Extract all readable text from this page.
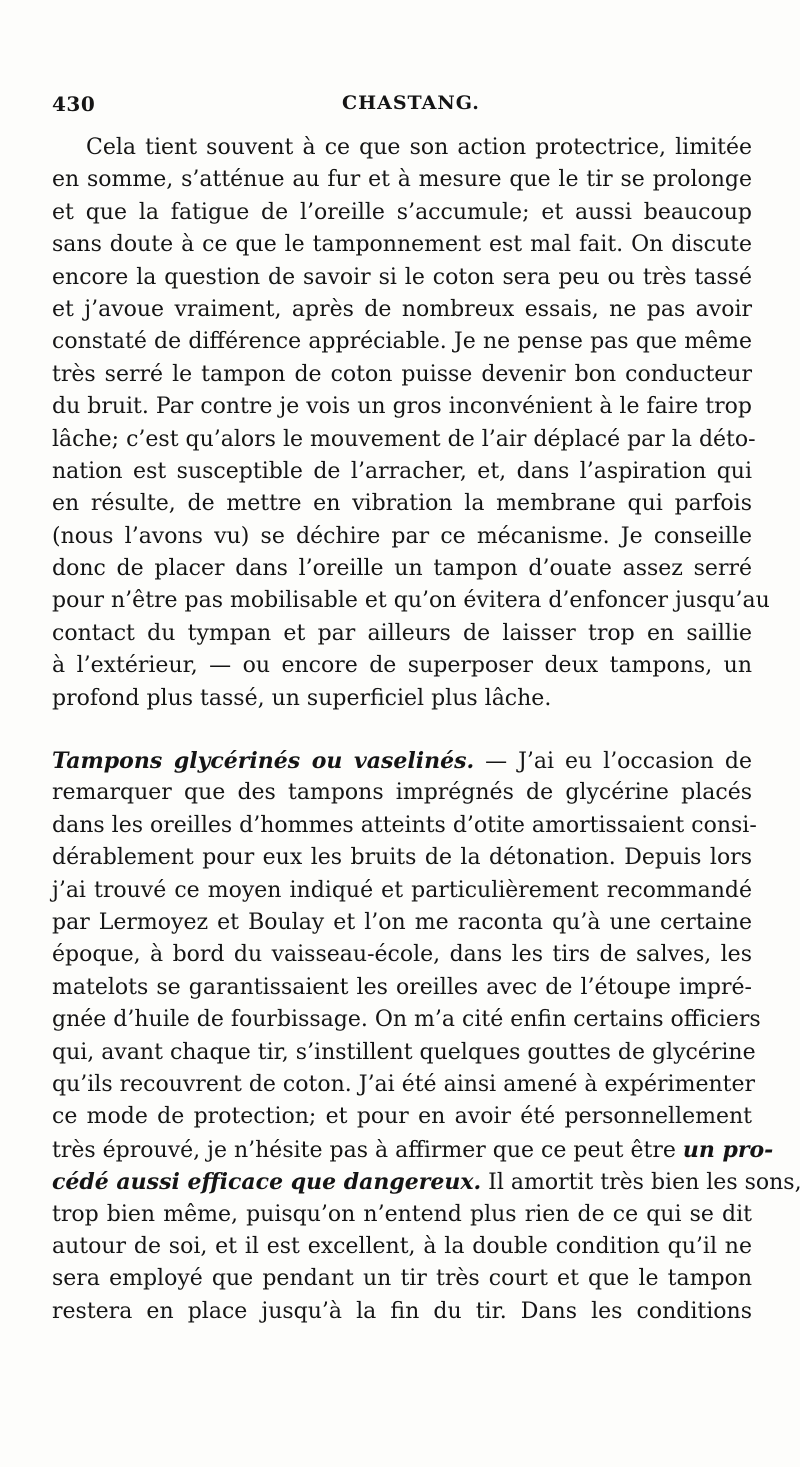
430	CHASTANG.
Cela tient souvent à ce que son action protectrice, limitée
en somme, s’atténue au fur et à mesure que le tir se prolonge
et que la fatigue de l’oreille s’accumule; et aussi beaucoup
sans doute à ce que le tamponnement est mal fait. On discute
encore la question de savoir si le coton sera peu ou très tassé
et j’avoue vraiment, après de nombreux essais, ne pas avoir
constaté de différence appréciable. Je ne pense pas que même
très serré le tampon de coton puisse devenir bon conducteur
du bruit. Par contre je vois un gros inconvénient à le faire trop
lâche; c’est qu’alors le mouvement de l’air déplacé par la déto-
nation est susceptible de l’arracher, et, dans l’aspiration qui
en résulte, de mettre en vibration la membrane qui parfois
(nous l’avons vu) se déchire par ce mécanisme. Je conseille
donc de placer dans l’oreille un tampon d’ouate assez serré
pour n’être pas mobilisable et qu’on évitera d’enfoncer jusqu’au
contact du tympan et par ailleurs de laisser trop en saillie
à l’extérieur, — ou encore de superposer deux tampons, un
profond plus tassé, un superficiel plus lâche.
Tampons glycérinés ou vaselinés. — J’ai eu l’occasion de
remarquer que des tampons imprégnés de glycérine placés
dans les oreilles d’hommes atteints d’otite amortissaient consi-
dérablement pour eux les bruits de la détonation. Depuis lors
j’ai trouvé ce moyen indiqué et particulièrement recommandé
par Lermoyez et Boulay et l’on me raconta qu’à une certaine
époque, à bord du vaisseau-école, dans les tirs de salves, les
matelots se garantissaient les oreilles avec de l’étoupe impré-
gnée d’huile de fourbissage. On m’a cité enfin certains officiers
qui, avant chaque tir, s’instillent quelques gouttes de glycérine
qu’ils recouvrent de coton. J’ai été ainsi amené à expérimenter
ce mode de protection; et pour en avoir été personnellement
très éprouvé, je n’hésite pas à affirmer que ce peut être un pro-
cédé aussi efficace que dangereux. Il amortit très bien les sons,
trop bien même, puisqu’on n’entend plus rien de ce qui se dit
autour de soi, et il est excellent, à la double condition qu’il ne
sera employé que pendant un tir très court et que le tampon
restera en place jusqu’à la fin du tir. Dans les conditions
